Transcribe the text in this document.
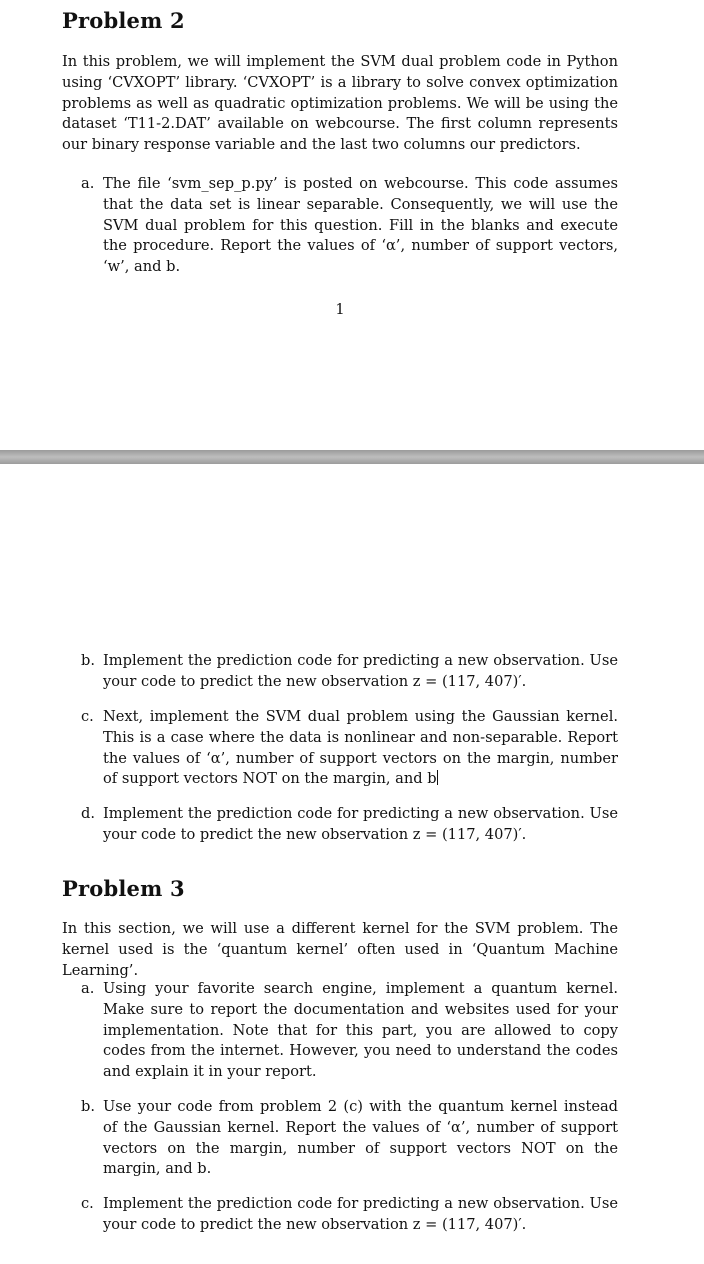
Problem 2

In this problem, we will implement the SVM dual problem code in Python using ‘CVXOPT’ library. ‘CVXOPT’ is a library to solve convex optimization problems as well as quadratic optimization problems. We will be using the dataset ‘T11-2.DAT’ available on webcourse. The first column represents our binary response variable and the last two columns our predictors.

a. The file ‘svm_sep_p.py’ is posted on webcourse. This code assumes that the data set is linear separable. Consequently, we will use the SVM dual problem for this question. Fill in the blanks and execute the procedure. Report the values of ‘α’, number of support vectors, ‘w’, and b.
1
b. Implement the prediction code for predicting a new observation. Use your code to predict the new observation z = (117, 407)′.
c. Next, implement the SVM dual problem using the Gaussian kernel. This is a case where the data is nonlinear and non-separable. Report the values of ‘α’, number of support vectors on the margin, number of support vectors NOT on the margin, and b
d. Implement the prediction code for predicting a new observation. Use your code to predict the new observation z = (117, 407)′.
Problem 3

In this section, we will use a different kernel for the SVM problem. The kernel used is the ‘quantum kernel’ often used in ‘Quantum Machine Learning’.

a. Using your favorite search engine, implement a quantum kernel. Make sure to report the documentation and websites used for your implementation. Note that for this part, you are allowed to copy codes from the internet. However, you need to understand the codes and explain it in your report.
b. Use your code from problem 2 (c) with the quantum kernel instead of the Gaussian kernel. Report the values of ‘α’, number of support vectors on the margin, number of support vectors NOT on the margin, and b.
c. Implement the prediction code for predicting a new observation. Use your code to predict the new observation z = (117, 407)′.
